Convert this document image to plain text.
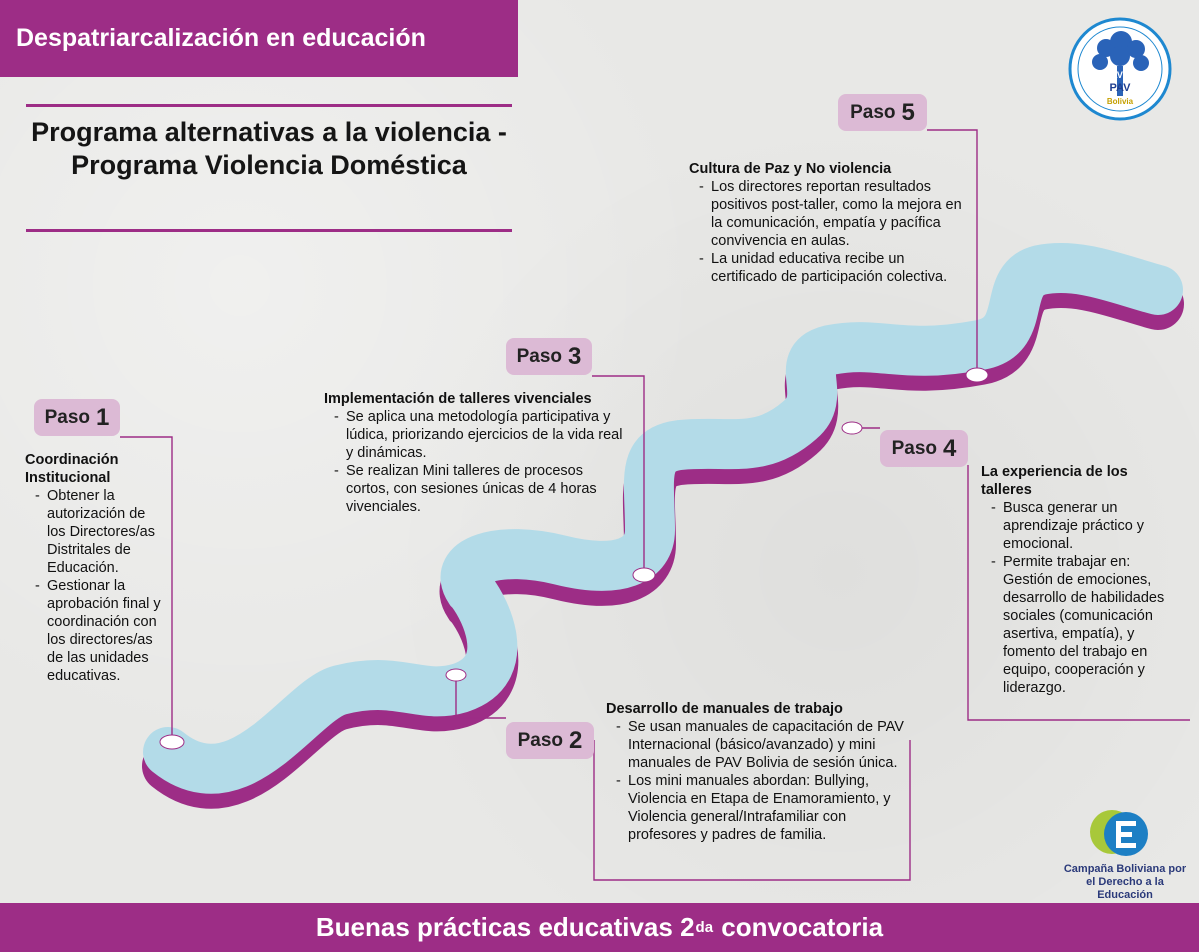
Despatriarcalización en educación
Programa alternativas a la violencia - Programa Violencia Doméstica
Paso 1
Paso 2
Paso 3
Paso 4
Paso 5
Coordinación Institucional
- Obtener la autorización de los Directores/as Distritales de Educación.
- Gestionar la aprobación final y coordinación con los directores/as de las unidades educativas.
Desarrollo de manuales de trabajo
- Se usan manuales de capacitación de PAV Internacional (básico/avanzado) y mini manuales de PAV Bolivia de sesión única.
- Los mini manuales abordan: Bullying, Violencia en Etapa de Enamoramiento, y Violencia general/Intrafamiliar con profesores y padres de familia.
Implementación de talleres vivenciales
- Se aplica una metodología participativa y lúdica, priorizando ejercicios de la vida real y dinámicas.
- Se realizan Mini talleres de procesos cortos, con sesiones únicas de 4 horas vivenciales.
La experiencia de los talleres
- Busca generar un aprendizaje práctico y emocional.
- Permite trabajar en: Gestión de emociones, desarrollo de habilidades sociales (comunicación asertiva, empatía), y fomento del trabajo en equipo, cooperación y liderazgo.
Cultura de Paz y No violencia
- Los directores reportan resultados positivos post-taller, como la mejora en la comunicación, empatía y pacífica convivencia en aulas.
- La unidad educativa recibe un certificado de participación colectiva.
AVP
PAV
Bolivia
Campaña Boliviana por el Derecho a la Educación
Buenas prácticas educativas 2 da convocatoria
